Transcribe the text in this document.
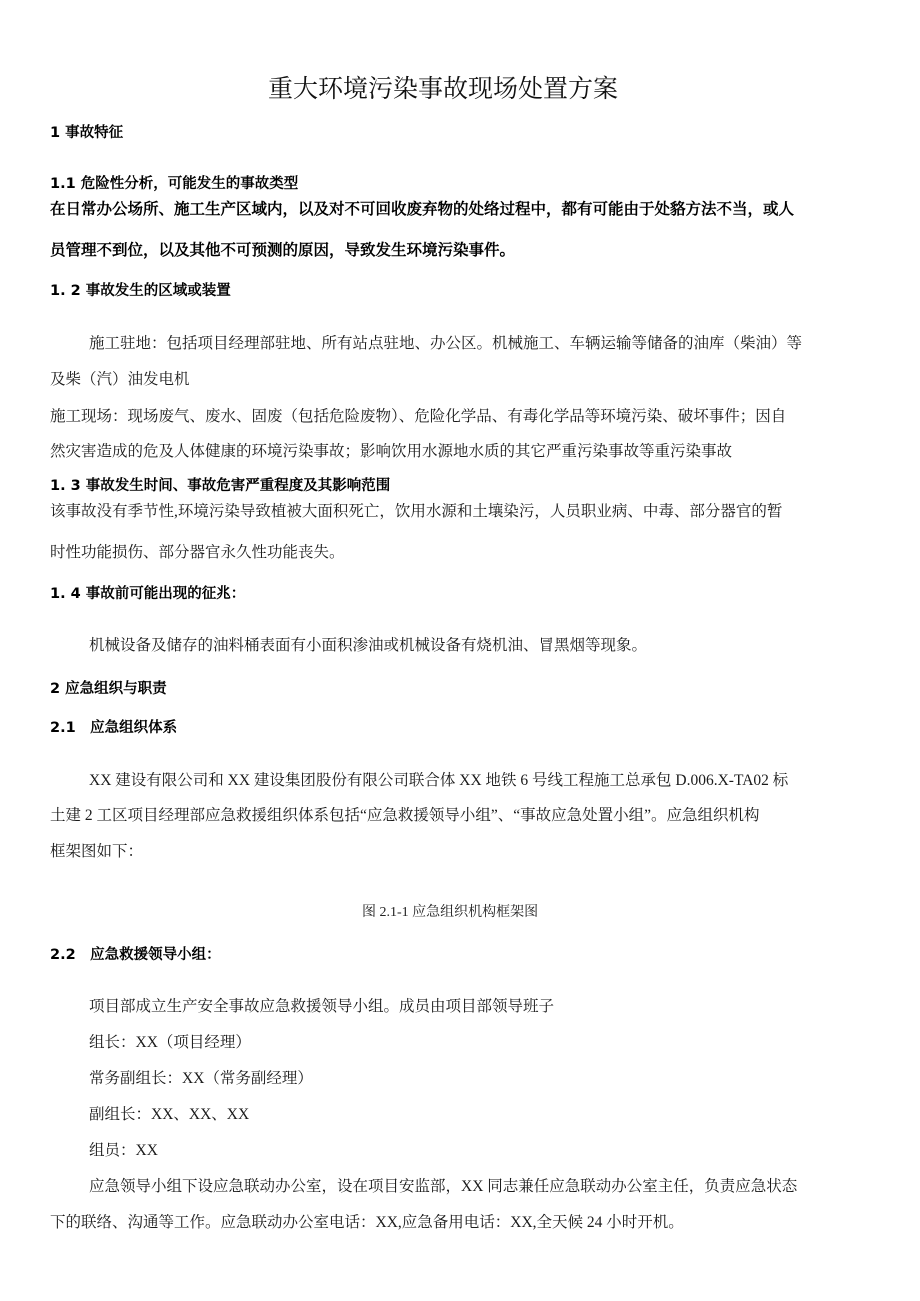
重大环境污染事故现场处置方案
1 事故特征
1.1 危险性分析，可能发生的事故类型
在日常办公场所、施工生产区域内，以及对不可回收废弃物的处络过程中，都有可能由于处貉方法不当，或人
员管理不到位，以及其他不可预测的原因，导致发生环境污染事件。
1. 2 事故发生的区域或装置
施工驻地：包括项目经理部驻地、所有站点驻地、办公区。机械施工、车辆运输等储备的油库（柴油）等
及柴（汽）油发电机
施工现场：现场废气、废水、固废（包括危险废物）、危险化学品、有毒化学品等环境污染、破坏事件；因自
然灾害造成的危及人体健康的环境污染事故；影响饮用水源地水质的其它严重污染事故等重污染事故
1. 3 事故发生时间、事故危害严重程度及其影响范围
该事故没有季节性,环境污染导致植被大面积死亡，饮用水源和土壤染污，人员职业病、中毒、部分器官的暂
时性功能损伤、部分器官永久性功能丧失。
1. 4 事故前可能出现的征兆：
机械设备及储存的油料桶表面有小面积渗油或机械设备有烧机油、冒黑烟等现象。
2 应急组织与职责
2.1　应急组织体系
XX 建设有限公司和 XX 建设集团股份有限公司联合体 XX 地铁 6 号线工程施工总承包 D.006.X-TA02 标
土建 2 工区项目经理部应急救援组织体系包括“应急救援领导小组”、“事故应急处置小组”。应急组织机构
框架图如下：
图 2.1-1 应急组织机构框架图
2.2　应急救援领导小组：
项目部成立生产安全事故应急救援领导小组。成员由项目部领导班子
组长：XX（项目经理）
常务副组长：XX（常务副经理）
副组长：XX、XX、XX
组员：XX
应急领导小组下设应急联动办公室，设在项目安监部，XX 同志兼任应急联动办公室主任，负责应急状态
下的联络、沟通等工作。应急联动办公室电话：XX,应急备用电话：XX,全天候 24 小时开机。
